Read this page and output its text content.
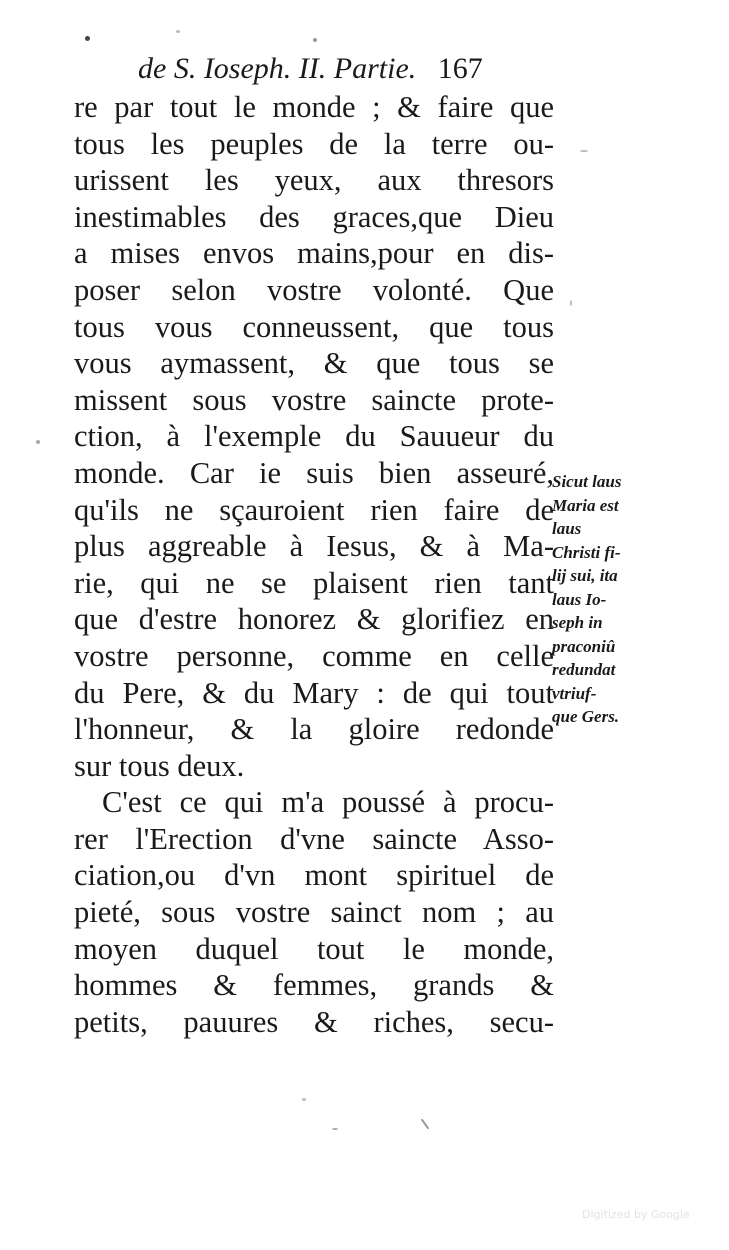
de S. Ioseph. II. Partie. 167
re par tout le monde ; & faire que
tous les peuples de la terre ou-
urissent les yeux, aux thresors
inestimables des graces,que Dieu
a mises envos mains,pour en dis-
poser selon vostre volonté. Que
tous vous conneussent, que tous
vous aymassent, & que tous se
missent sous vostre saincte prote-
ction, à l'exemple du Sauueur du
monde. Car ie suis bien asseuré,
qu'ils ne sçauroient rien faire de
plus aggreable à Iesus, & à Ma-
rie, qui ne se plaisent rien tant
que d'estre honorez & glorifiez en
vostre personne, comme en celle
du Pere, & du Mary : de qui tout
l'honneur, & la gloire redonde
sur tous deux.
C'est ce qui m'a poussé à procu-
rer l'Erection d'vne saincte Asso-
ciation,ou d'vn mont spirituel de
pieté, sous vostre sainct nom ; au
moyen duquel tout le monde,
hommes & femmes, grands &
petits, pauures & riches, secu-
Sicut laus
Maria est
laus
Christi fi-
lij sui, ita
laus Io-
seph in
praconiû
redundat
vtriuf-
que Gers.
Digitized by Google
